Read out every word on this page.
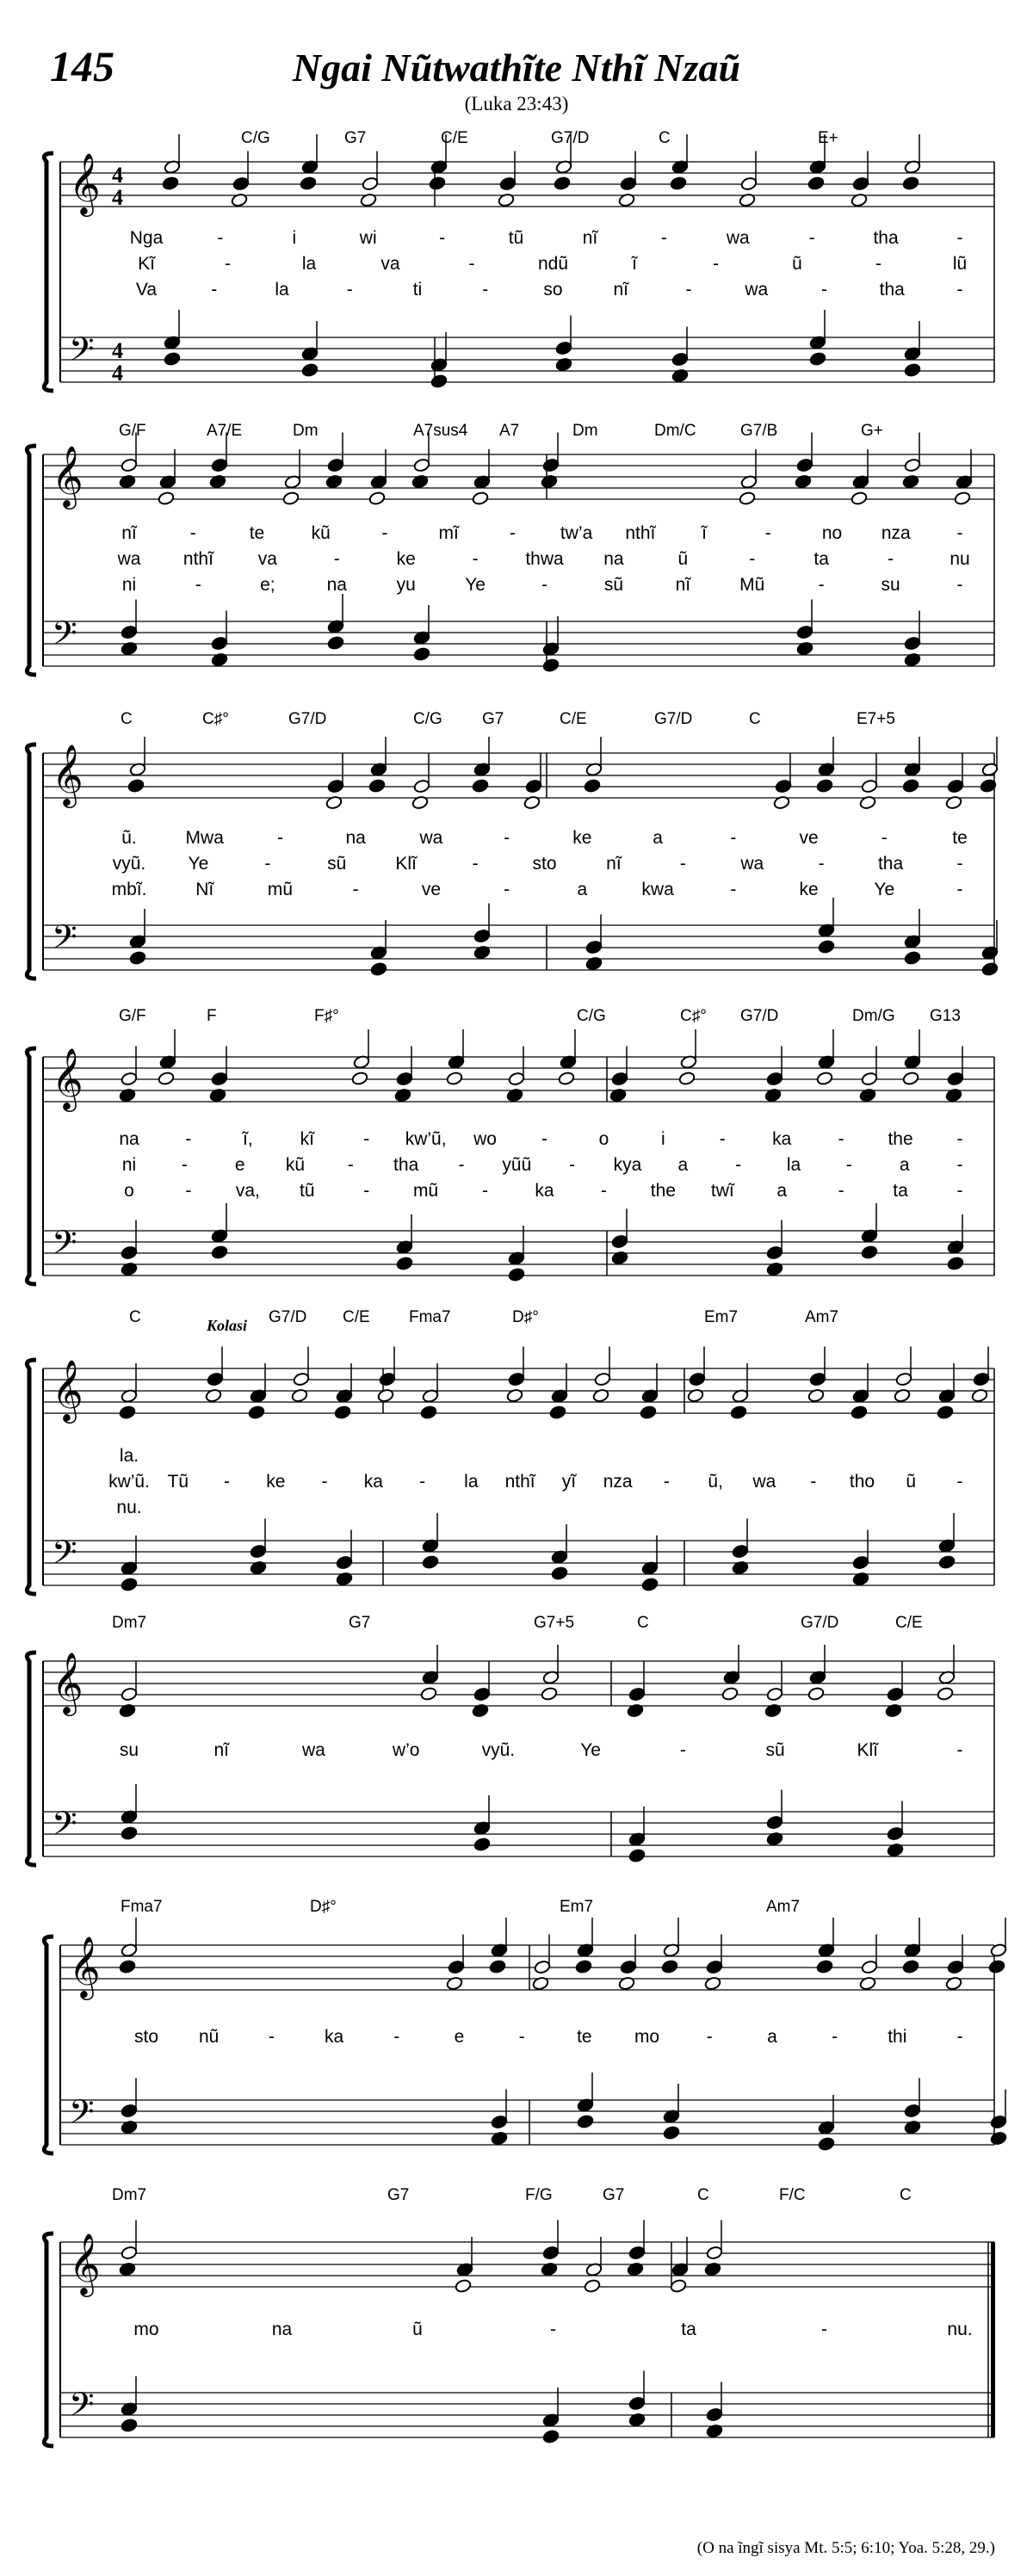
145	Ngai Nũtwathĩte Nthĩ Nzaũ
(Luka 23:43)
𝄞
𝄢
4
4
4
4
C/G	G7	C/E	G7/D	C	E+
Nga	-	i	wi	-	tũ	nĩ	-	wa	-	tha	-
Kĩ	-	la	va	-	ndũ	ĩ	-	ũ	-	lũ
Va	-	la	-	ti	-	so	nĩ	-	wa	-	tha	-
𝄞
𝄢
G/F	A7/E	Dm	A7sus4 A7	Dm	Dm/C	G7/B	G+
nĩ	-	te	kũ	-	mĩ	- tw’a nthĩ	ĩ	-	no nza	-
wa nthĩ va	-	ke	-	thwa na	ũ	-	ta	-	nu
ni	-	e;	na	yu	Ye	-	sũ	nĩ	Mũ	-	su	-
𝄞
𝄢
C	C♯°	G7/D	C/G G7	C/E	G7/D	C	E7+5
ũ.	Mwa	-	na	wa	-	ke	a	-	ve	-	te
vyũ. Ye	-	sũ	Klĩ	-	sto	nĩ	-	wa	-	tha	-
mbĩ.	Nĩ	mũ	-	ve	-	a	kwa	-	ke	Ye	-
𝄞
𝄢
G/F	F	F♯°	C/G	C♯° G7/D	Dm/G G13
na	-	ĩ,	kĩ	- kw’ũ, wo -	o	i	-	ka	- the -
ni	-	e kũ - tha - yũũ - kya a	-	la	-	a	-
o	- va, tũ	- mũ -	ka	- the twĩ a	-	ta	-
𝄞
𝄢
C	G7/D C/E Fma7	D♯°	Em7	Am7
Kolasi
la.
kw’ũ. Tũ - ke - ka - la nthĩ yĩ nza - ũ, wa - tho ũ -
nu.
𝄞
𝄢
Dm7	G7	G7+5	C	G7/D	C/E
su	nĩ	wa	w’o	vyũ.	Ye	-	sũ	Klĩ	-
𝄞
𝄢
Fma7	D♯°	Em7	Am7
sto nũ	-	ka	-	e	-	te mo	-	a	-	thi	-
𝄞
𝄢
Dm7	G7	F/G	G7	C	F/C	C
mo	na	ũ	-	ta	-	nu.
(O na ĩngĩ sisya Mt. 5:5; 6:10; Yoa. 5:28, 29.)
